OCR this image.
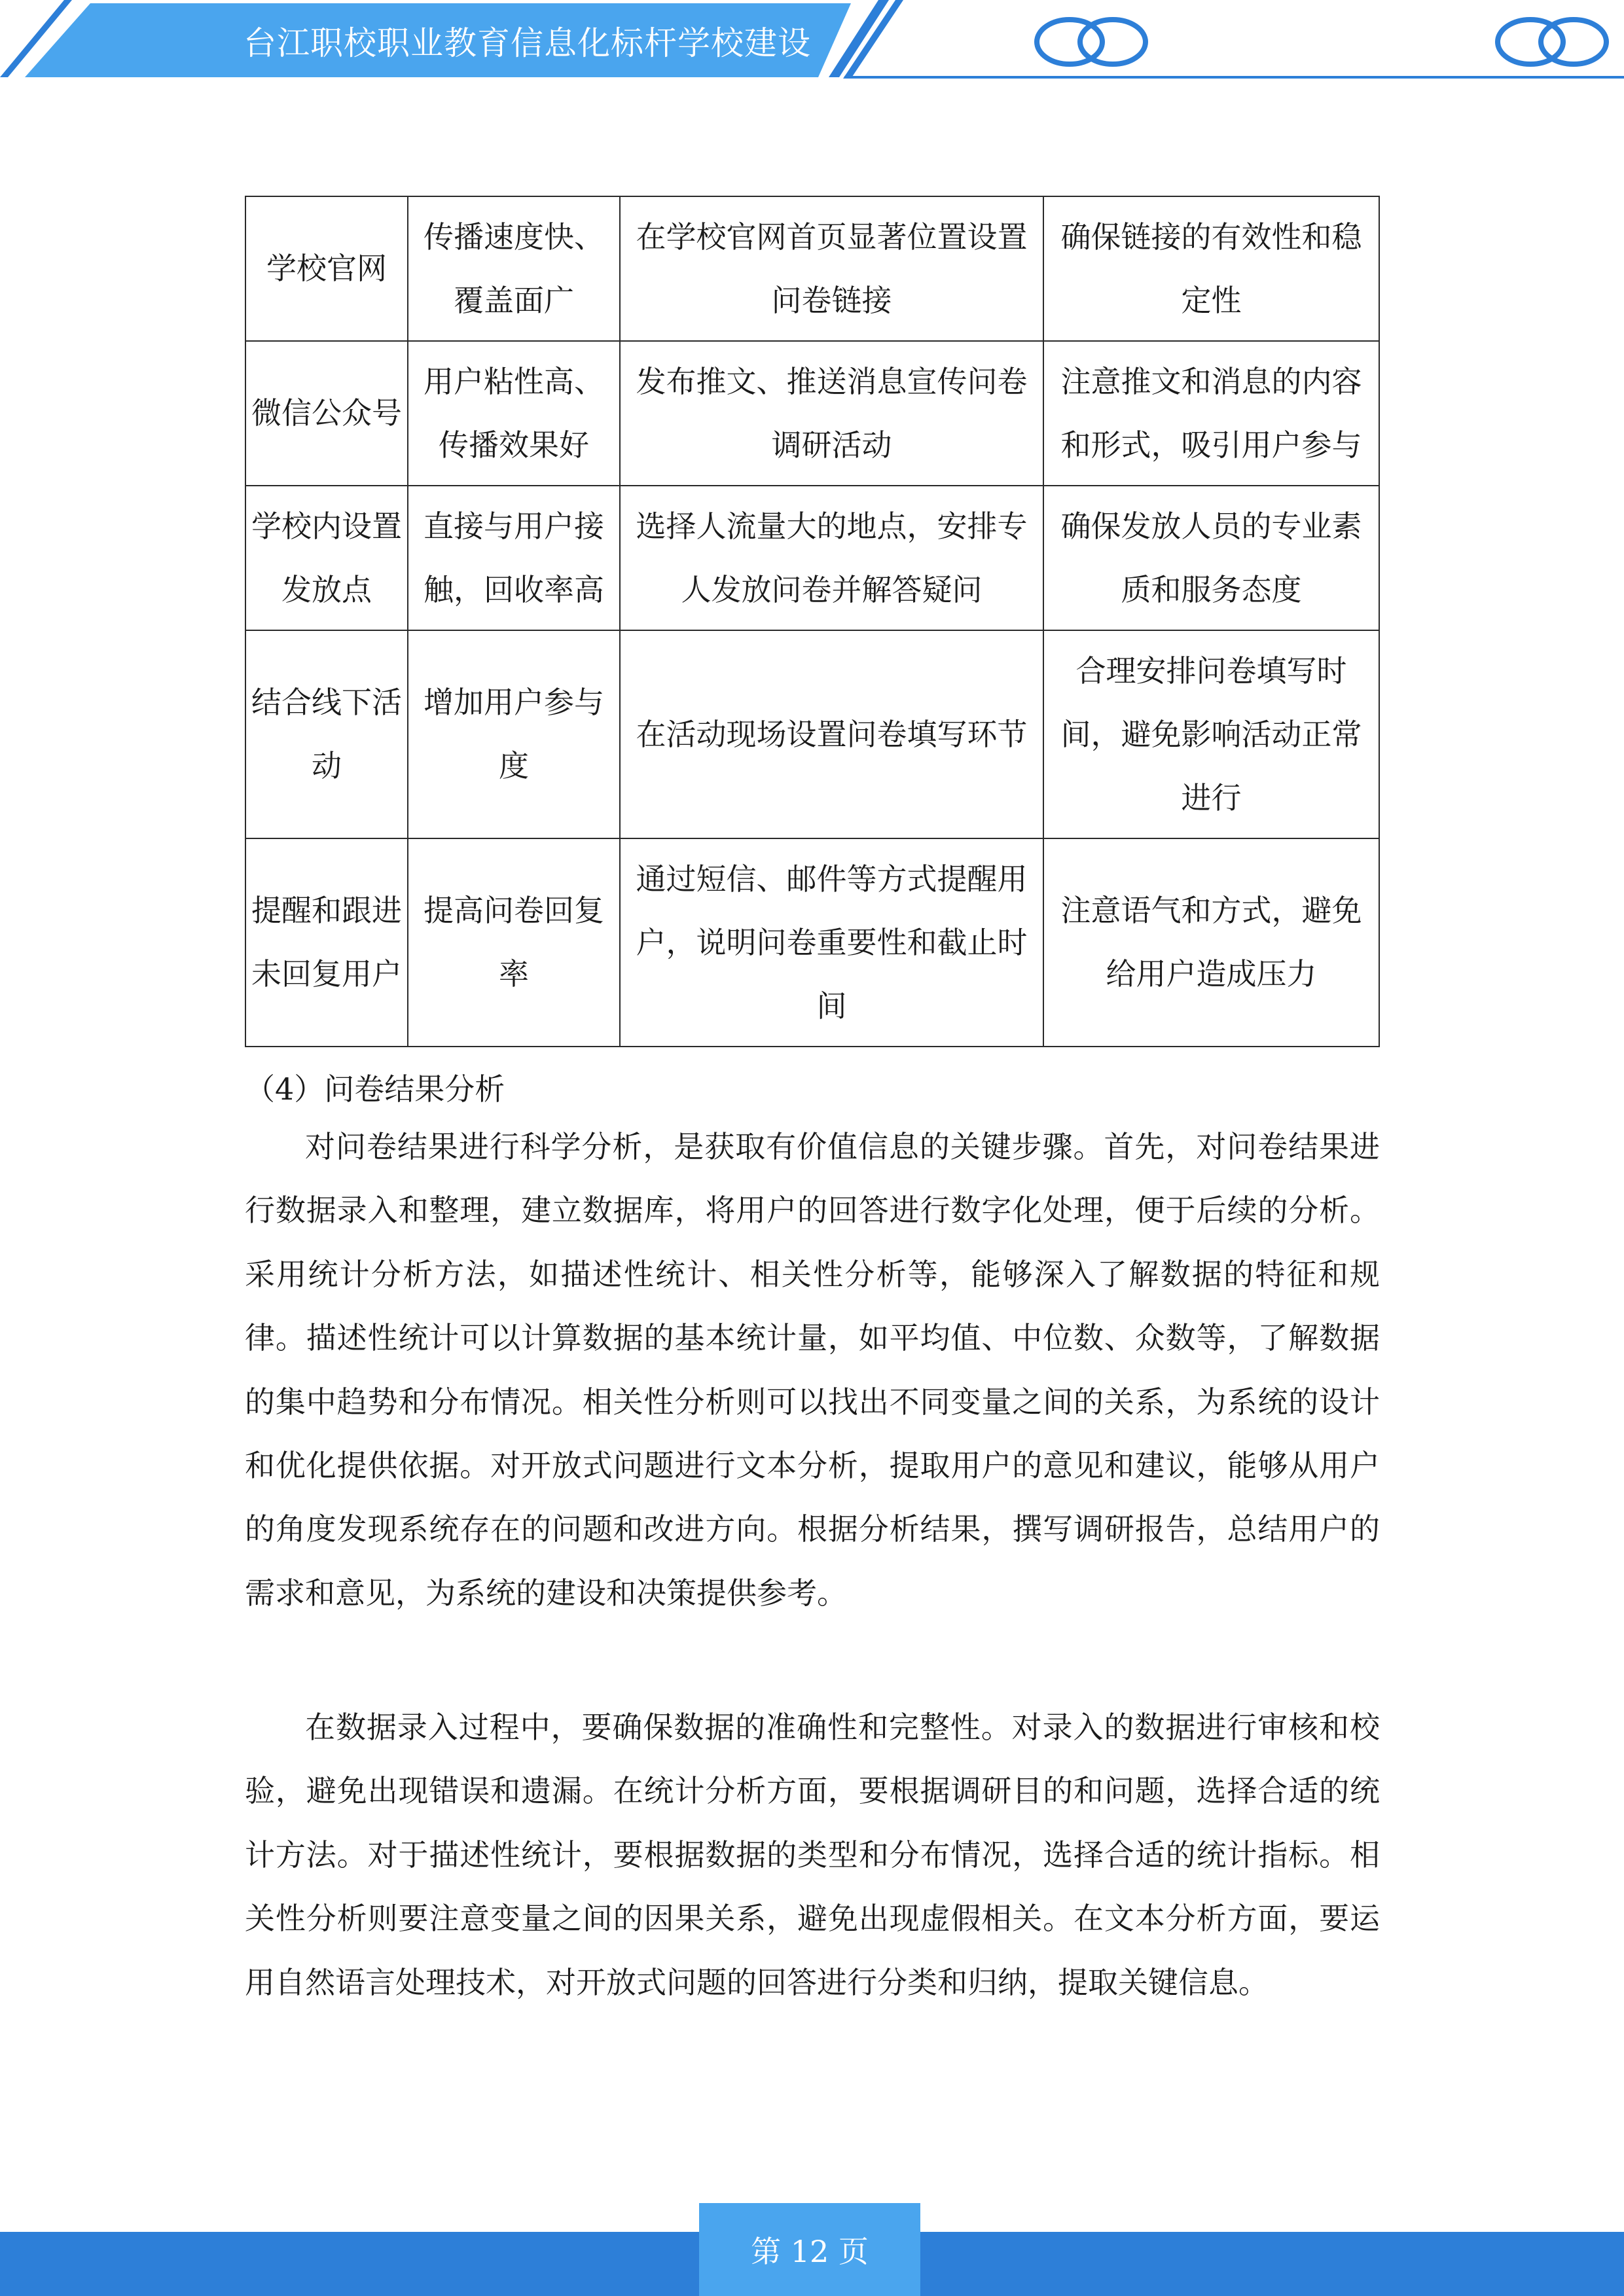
台江职校职业教育信息化标杆学校建设
学校官网	传播速度快、覆盖面广	在学校官网首页显著位置设置问卷链接	确保链接的有效性和稳定性
微信公众号	用户粘性高、传播效果好	发布推文、推送消息宣传问卷调研活动	注意推文和消息的内容和形式，吸引用户参与
学校内设置发放点	直接与用户接触，回收率高	选择人流量大的地点，安排专人发放问卷并解答疑问	确保发放人员的专业素质和服务态度
结合线下活动	增加用户参与度	在活动现场设置问卷填写环节	合理安排问卷填写时间，避免影响活动正常进行
提醒和跟进未回复用户	提高问卷回复率	通过短信、邮件等方式提醒用户，说明问卷重要性和截止时间	注意语气和方式，避免给用户造成压力
（4）问卷结果分析

对问卷结果进行科学分析，是获取有价值信息的关键步骤。首先，对问卷结果进行数据录入和整理，建立数据库，将用户的回答进行数字化处理，便于后续的分析。采用统计分析方法，如描述性统计、相关性分析等，能够深入了解数据的特征和规律。描述性统计可以计算数据的基本统计量，如平均值、中位数、众数等，了解数据的集中趋势和分布情况。相关性分析则可以找出不同变量之间的关系，为系统的设计和优化提供依据。对开放式问题进行文本分析，提取用户的意见和建议，能够从用户的角度发现系统存在的问题和改进方向。根据分析结果，撰写调研报告，总结用户的需求和意见，为系统的建设和决策提供参考。

在数据录入过程中，要确保数据的准确性和完整性。对录入的数据进行审核和校验，避免出现错误和遗漏。在统计分析方面，要根据调研目的和问题，选择合适的统计方法。对于描述性统计，要根据数据的类型和分布情况，选择合适的统计指标。相关性分析则要注意变量之间的因果关系，避免出现虚假相关。在文本分析方面，要运用自然语言处理技术，对开放式问题的回答进行分类和归纳，提取关键信息。

第 12 页
